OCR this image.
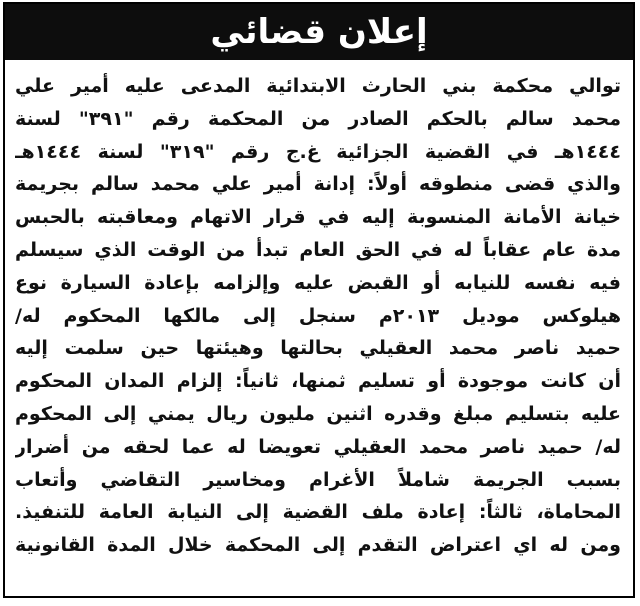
إعلان قضائي
توالي محكمة بني الحارث الابتدائية المدعى عليه أمير علي
محمد سالم بالحكم الصادر من المحكمة رقم "٣٩١" لسنة
١٤٤٤هـ في القضية الجزائية غ.ج رقم "٣١٩" لسنة ١٤٤٤هـ
والذي قضى منطوقه أولاً: إدانة أمير علي محمد سالم بجريمة
خيانة الأمانة المنسوبة إليه في قرار الاتهام ومعاقبته بالحبس
مدة عام عقاباً له في الحق العام تبدأ من الوقت الذي سيسلم
فيه نفسه للنيابه أو القبض عليه وإلزامه بإعادة السيارة نوع
هيلوكس موديل ٢٠١٣م سنجل إلى مالكها المحكوم له/
حميد ناصر محمد العقيلي بحالتها وهيئتها حين سلمت إليه
أن كانت موجودة أو تسليم ثمنها، ثانياً: إلزام المدان المحكوم
عليه بتسليم مبلغ وقدره اثنين مليون ريال يمني إلى المحكوم
له/ حميد ناصر محمد العقيلي تعويضا له عما لحقه من أضرار
بسبب الجريمة شاملاً الأغرام ومخاسير التقاضي وأتعاب
المحاماة، ثالثاً: إعادة ملف القضية إلى النيابة العامة للتنفيذ.
ومن له اي اعتراض التقدم إلى المحكمة خلال المدة القانونية
